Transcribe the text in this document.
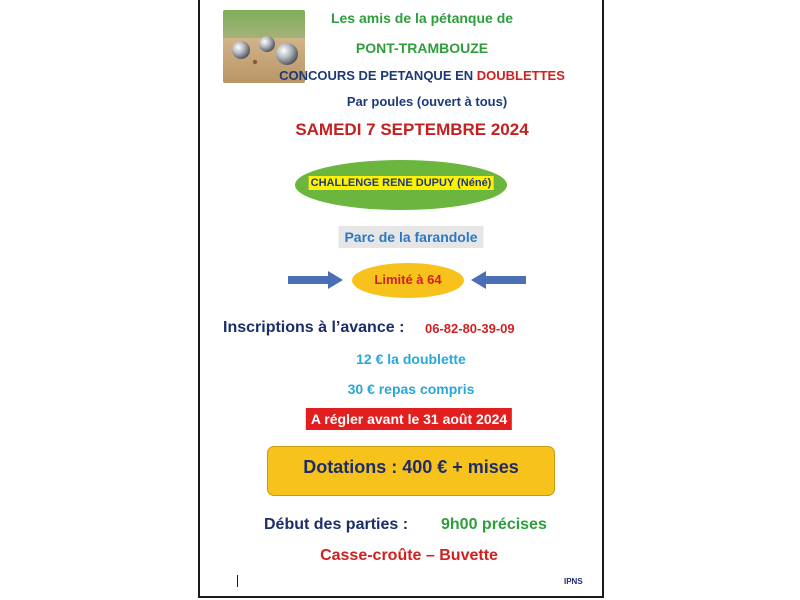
Les amis de la pétanque de
PONT-TRAMBOUZE
CONCOURS DE PETANQUE EN DOUBLETTES
Par poules (ouvert à tous)
SAMEDI 7 SEPTEMBRE 2024
CHALLENGE RENE DUPUY (Néné)
Parc de la farandole
Limité à 64
Inscriptions à l’avance : 06-82-80-39-09
12 € la doublette
30 € repas compris
A régler avant le 31 août 2024
Dotations : 400 € + mises
Début des parties : 9h00 précises
Casse-croûte – Buvette
IPNS
